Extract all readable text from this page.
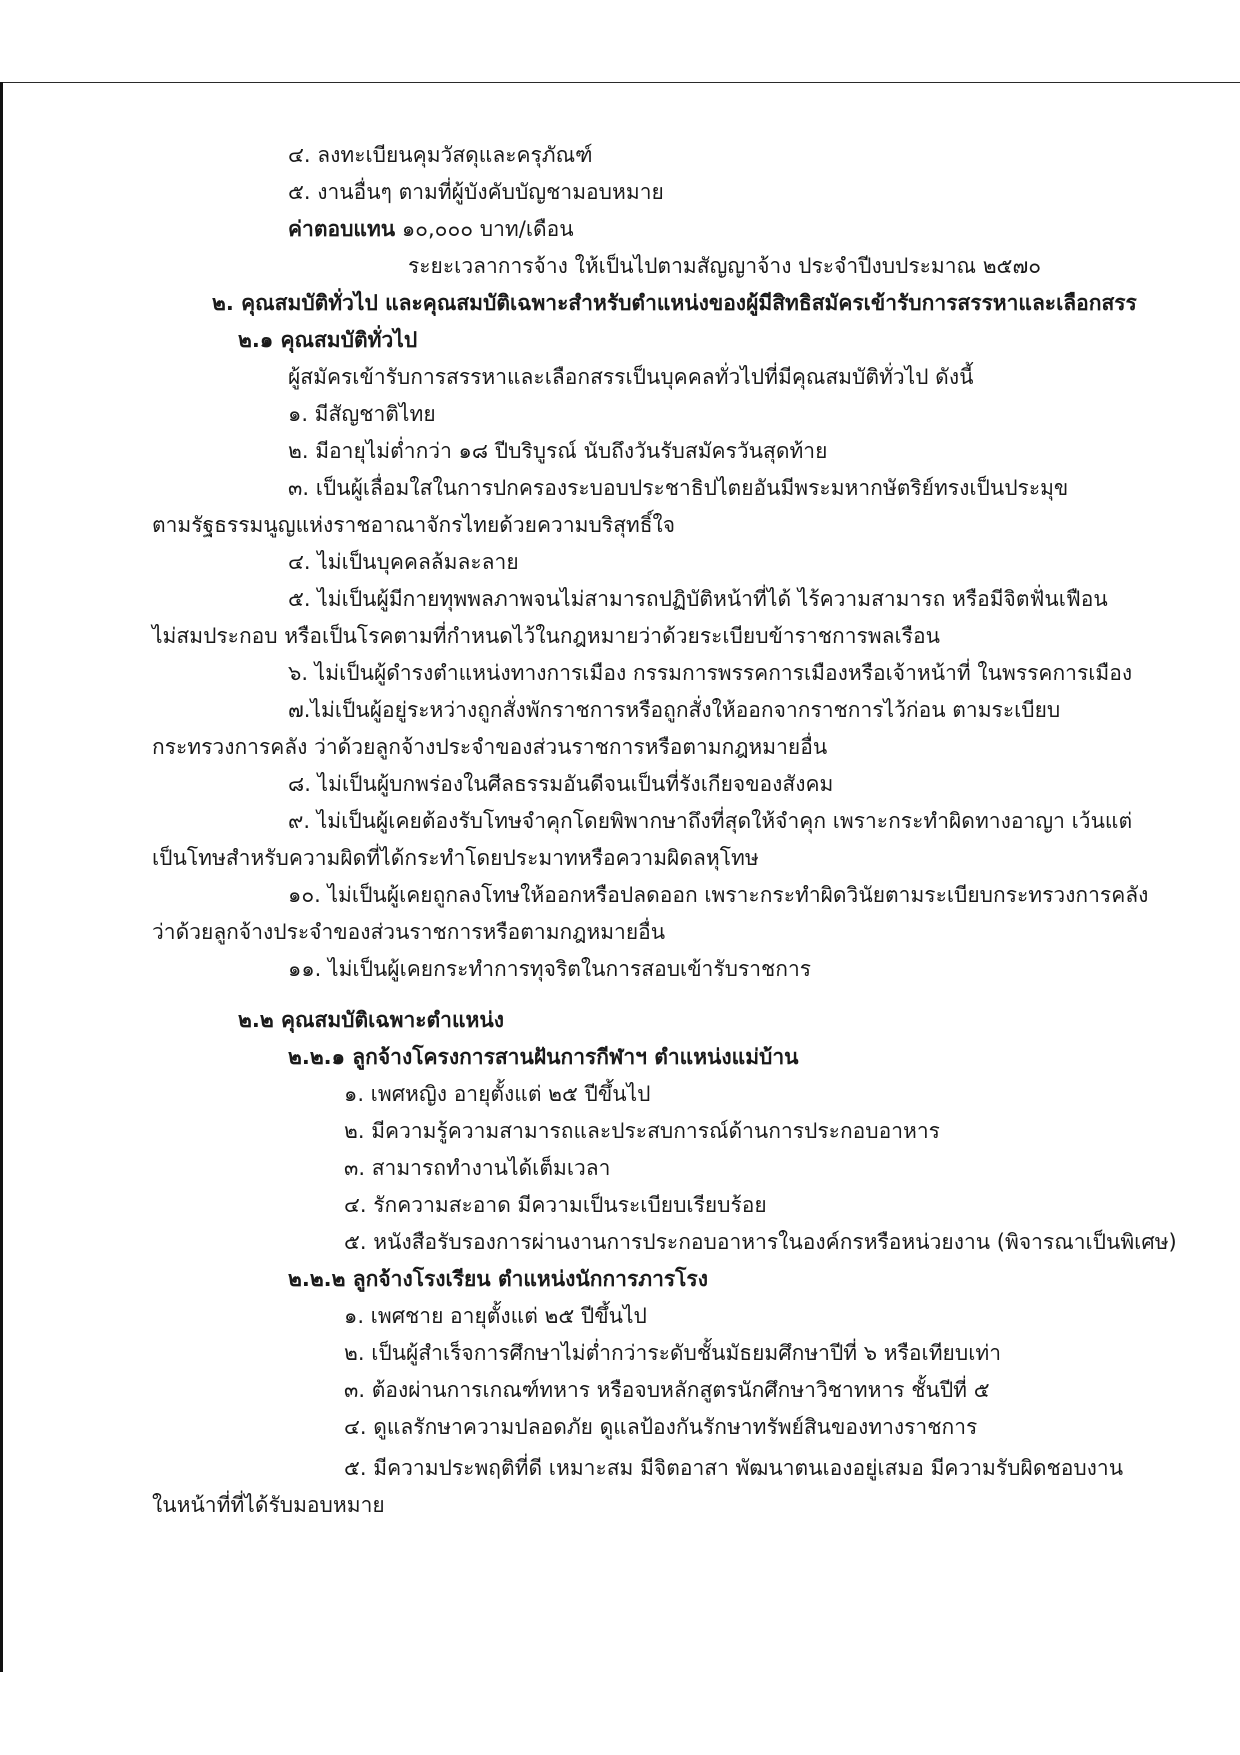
๔. ลงทะเบียนคุมวัสดุและครุภัณฑ์
๕. งานอื่นๆ ตามที่ผู้บังคับบัญชามอบหมาย
ค่าตอบแทน ๑๐,๐๐๐ บาท/เดือน
ระยะเวลาการจ้าง ให้เป็นไปตามสัญญาจ้าง ประจำปีงบประมาณ ๒๕๗๐
๒. คุณสมบัติทั่วไป และคุณสมบัติเฉพาะสำหรับตำแหน่งของผู้มีสิทธิสมัครเข้ารับการสรรหาและเลือกสรร
๒.๑ คุณสมบัติทั่วไป
ผู้สมัครเข้ารับการสรรหาและเลือกสรรเป็นบุคคลทั่วไปที่มีคุณสมบัติทั่วไป ดังนี้
๑. มีสัญชาติไทย
๒. มีอายุไม่ต่ำกว่า ๑๘ ปีบริบูรณ์ นับถึงวันรับสมัครวันสุดท้าย
๓. เป็นผู้เลื่อมใสในการปกครองระบอบประชาธิปไตยอันมีพระมหากษัตริย์ทรงเป็นประมุข
ตามรัฐธรรมนูญแห่งราชอาณาจักรไทยด้วยความบริสุทธิ์ใจ
๔. ไม่เป็นบุคคลล้มละลาย
๕. ไม่เป็นผู้มีกายทุพพลภาพจนไม่สามารถปฏิบัติหน้าที่ได้ ไร้ความสามารถ หรือมีจิตฟั่นเฟือน
ไม่สมประกอบ หรือเป็นโรคตามที่กำหนดไว้ในกฎหมายว่าด้วยระเบียบข้าราชการพลเรือน
๖. ไม่เป็นผู้ดำรงตำแหน่งทางการเมือง กรรมการพรรคการเมืองหรือเจ้าหน้าที่ ในพรรคการเมือง
๗.ไม่เป็นผู้อยู่ระหว่างถูกสั่งพักราชการหรือถูกสั่งให้ออกจากราชการไว้ก่อน ตามระเบียบ
กระทรวงการคลัง ว่าด้วยลูกจ้างประจำของส่วนราชการหรือตามกฎหมายอื่น
๘. ไม่เป็นผู้บกพร่องในศีลธรรมอันดีจนเป็นที่รังเกียจของสังคม
๙. ไม่เป็นผู้เคยต้องรับโทษจำคุกโดยพิพากษาถึงที่สุดให้จำคุก เพราะกระทำผิดทางอาญา เว้นแต่
เป็นโทษสำหรับความผิดที่ได้กระทำโดยประมาทหรือความผิดลหุโทษ
๑๐. ไม่เป็นผู้เคยถูกลงโทษให้ออกหรือปลดออก เพราะกระทำผิดวินัยตามระเบียบกระทรวงการคลัง
ว่าด้วยลูกจ้างประจำของส่วนราชการหรือตามกฎหมายอื่น
๑๑. ไม่เป็นผู้เคยกระทำการทุจริตในการสอบเข้ารับราชการ
๒.๒ คุณสมบัติเฉพาะตำแหน่ง
๒.๒.๑ ลูกจ้างโครงการสานฝันการกีฬาฯ ตำแหน่งแม่บ้าน
๑. เพศหญิง อายุตั้งแต่ ๒๕ ปีขึ้นไป
๒. มีความรู้ความสามารถและประสบการณ์ด้านการประกอบอาหาร
๓. สามารถทำงานได้เต็มเวลา
๔. รักความสะอาด มีความเป็นระเบียบเรียบร้อย
๕. หนังสือรับรองการผ่านงานการประกอบอาหารในองค์กรหรือหน่วยงาน (พิจารณาเป็นพิเศษ)
๒.๒.๒ ลูกจ้างโรงเรียน ตำแหน่งนักการภารโรง
๑. เพศชาย อายุตั้งแต่ ๒๕ ปีขึ้นไป
๒. เป็นผู้สำเร็จการศึกษาไม่ต่ำกว่าระดับชั้นมัธยมศึกษาปีที่ ๖ หรือเทียบเท่า
๓. ต้องผ่านการเกณฑ์ทหาร หรือจบหลักสูตรนักศึกษาวิชาทหาร ชั้นปีที่ ๕
๔. ดูแลรักษาความปลอดภัย ดูแลป้องกันรักษาทรัพย์สินของทางราชการ
๕. มีความประพฤติที่ดี เหมาะสม มีจิตอาสา พัฒนาตนเองอยู่เสมอ มีความรับผิดชอบงาน
ในหน้าที่ที่ได้รับมอบหมาย
